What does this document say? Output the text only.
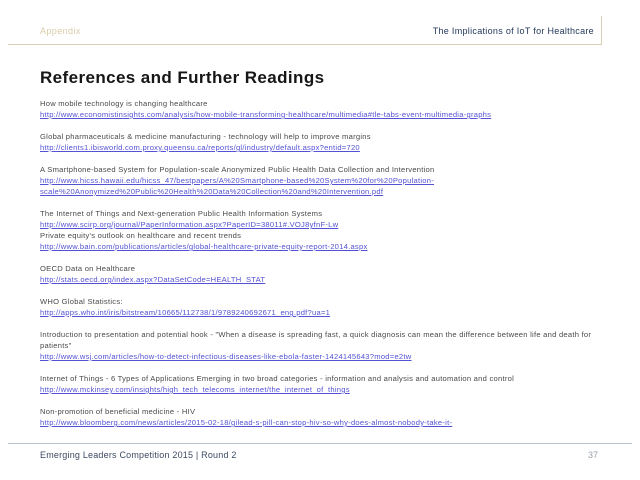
Appendix	The Implications of IoT for Healthcare
References and Further Readings
How mobile technology is changing healthcare
http://www.economistinsights.com/analysis/how-mobile-transforming-healthcare/multimedia#tle-tabs-event-multimedia-graphs
Global pharmaceuticals & medicine manufacturing - technology will help to improve margins
http://clients1.ibisworld.com.proxy.queensu.ca/reports/gl/industry/default.aspx?entid=720
A Smartphone-based System for Population-scale Anonymized Public Health Data Collection and Intervention
http://www.hicss.hawaii.edu/hicss_47/bestpapers/A%20Smartphone-based%20System%20for%20Population-scale%20Anonymized%20Public%20Health%20Data%20Collection%20and%20Intervention.pdf
The Internet of Things and Next-generation Public Health Information Systems
http://www.scirp.org/journal/PaperInformation.aspx?PaperID=38011#.VOJ8yfnF-Lw
Private equity's outlook on healthcare and recent trends
http://www.bain.com/publications/articles/global-healthcare-private-equity-report-2014.aspx
OECD Data on Healthcare
http://stats.oecd.org/index.aspx?DataSetCode=HEALTH_STAT
WHO Global Statistics:
http://apps.who.int/iris/bitstream/10665/112738/1/9789240692671_eng.pdf?ua=1
Introduction to presentation and potential hook - "When a disease is spreading fast, a quick diagnosis can mean the difference between life and death for patients"
http://www.wsj.com/articles/how-to-detect-infectious-diseases-like-ebola-faster-1424145643?mod=e2tw
Internet of Things - 6 Types of Applications Emerging in two broad categories - information and analysis and automation and control
http://www.mckinsey.com/insights/high_tech_telecoms_internet/the_internet_of_things
Non-promotion of beneficial medicine - HIV
http://www.bloomberg.com/news/articles/2015-02-18/gilead-s-pill-can-stop-hiv-so-why-does-almost-nobody-take-it-
Emerging Leaders Competition 2015 | Round 2	37
